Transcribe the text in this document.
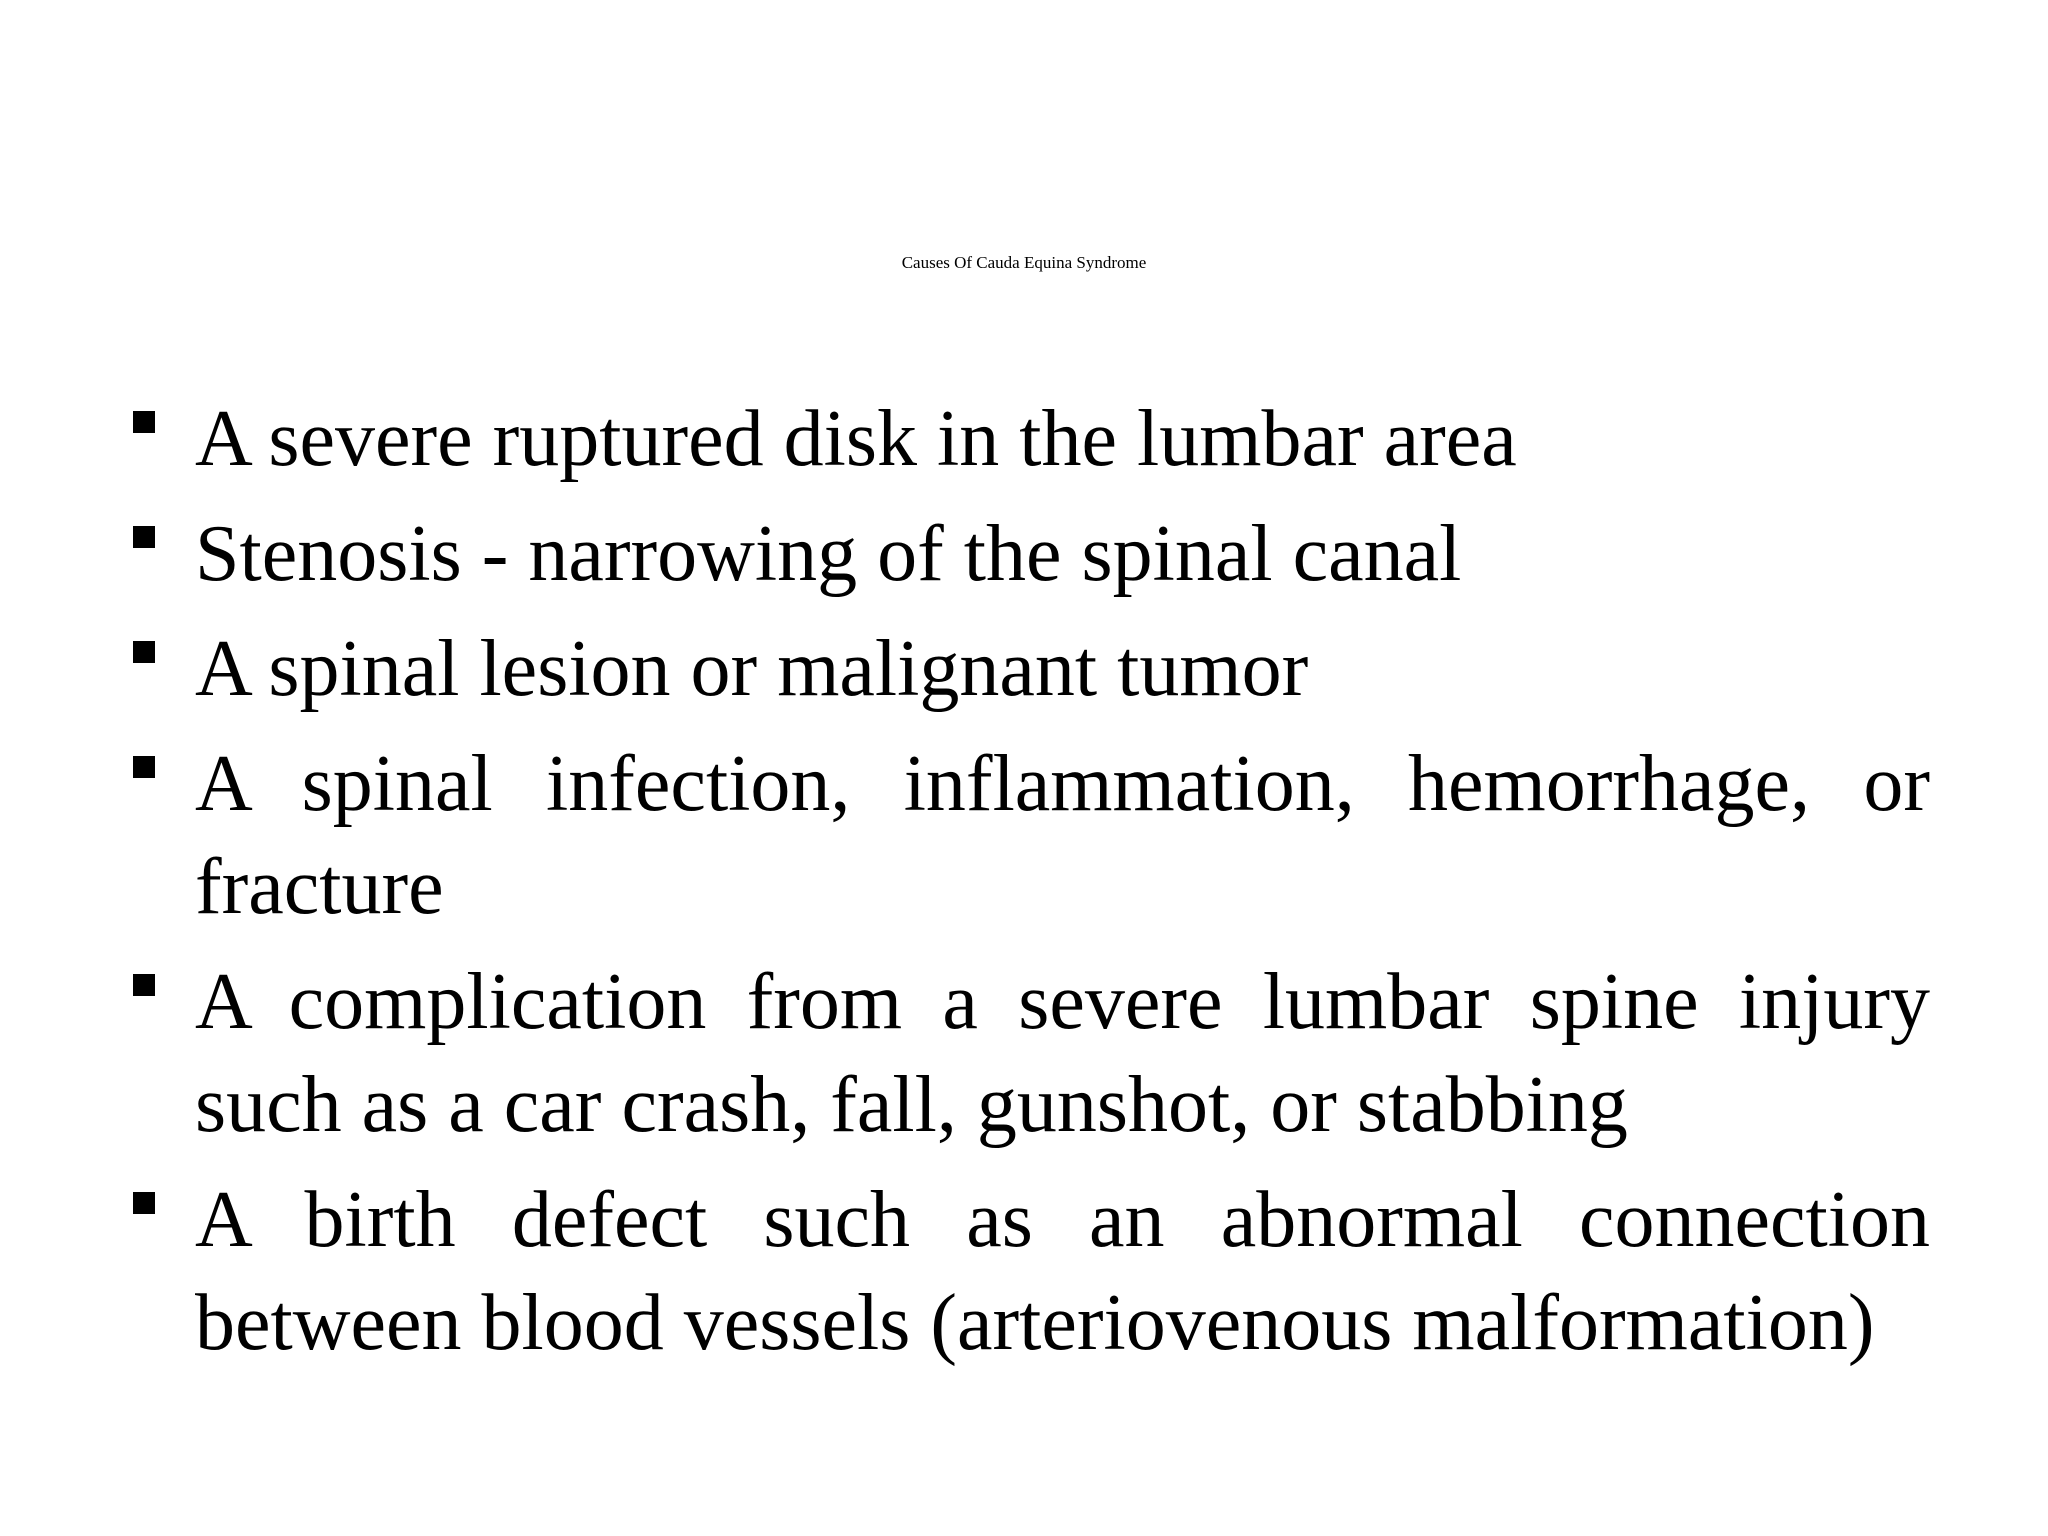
Causes Of Cauda Equina Syndrome
A severe ruptured disk in the lumbar area
Stenosis - narrowing of the spinal canal
A spinal lesion or malignant tumor
A spinal infection, inflammation, hemorrhage, or fracture
A complication from a severe lumbar spine injury such as a car crash, fall, gunshot, or stabbing
A birth defect such as an abnormal connection between blood vessels (arteriovenous malformation)
